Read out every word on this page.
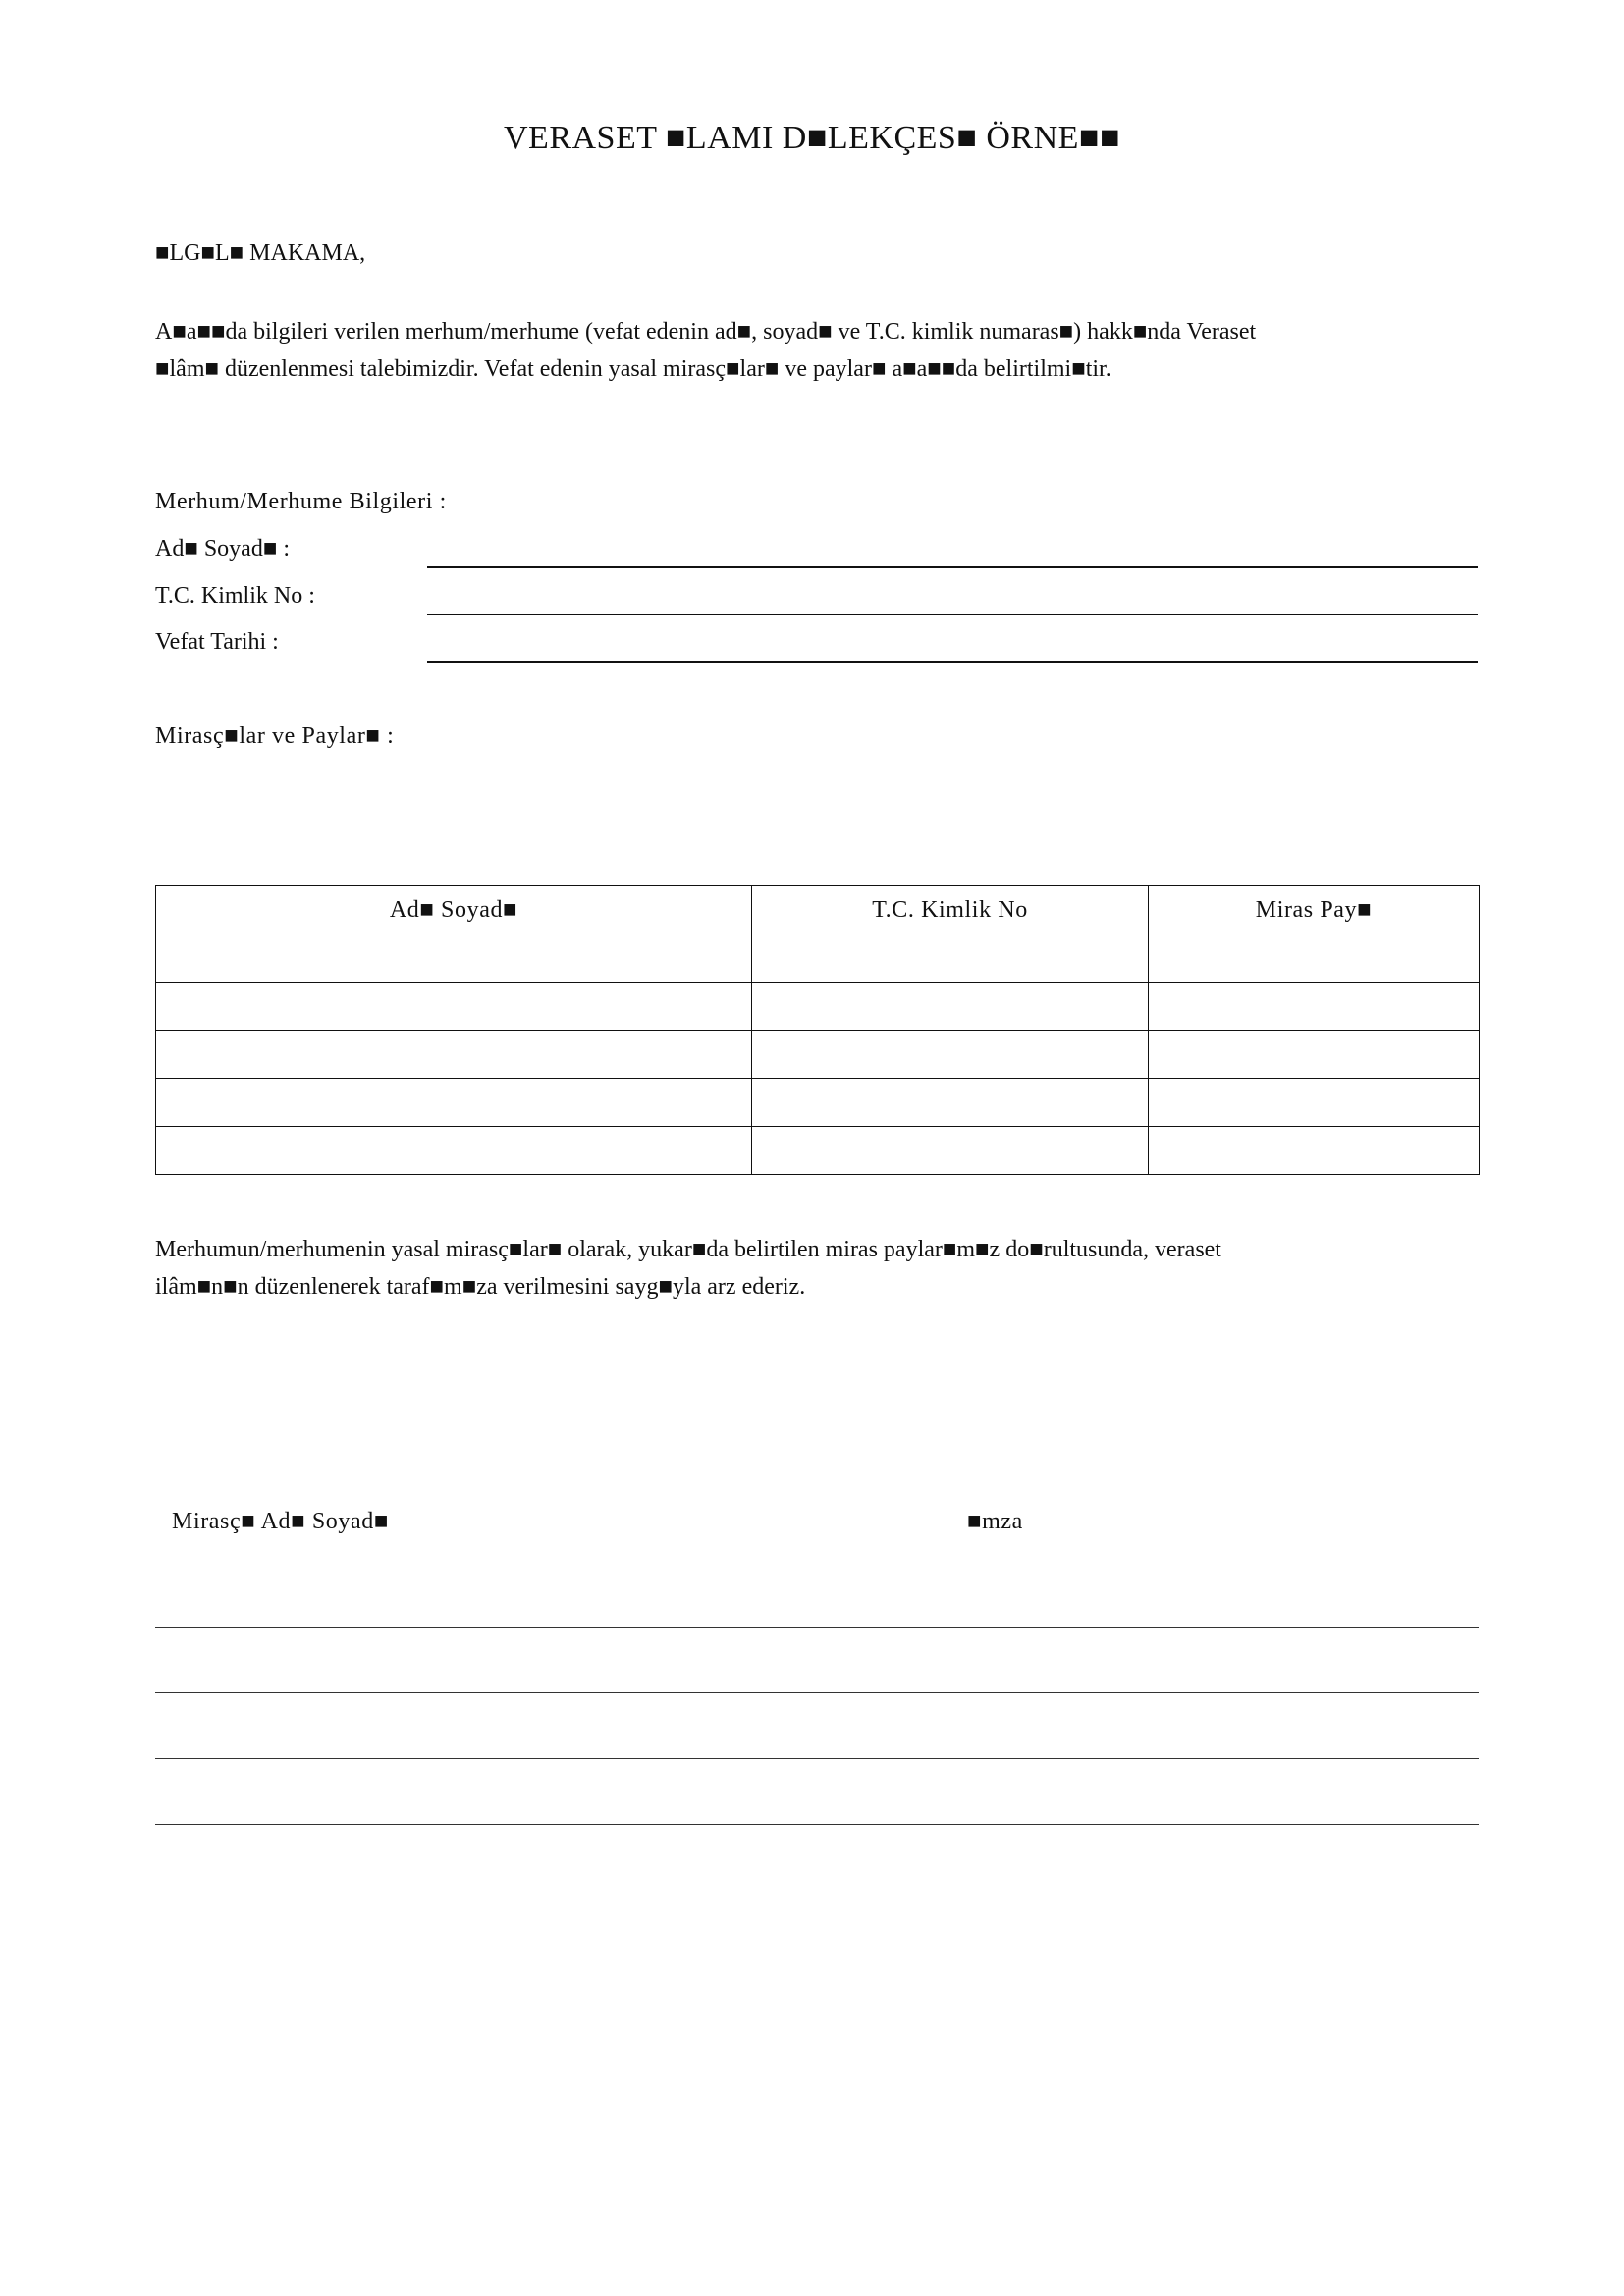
VERASET ■LAMI D■LEKÇES■ ÖRNE■■
■LG■L■ MAKAMA,
A■a■■da bilgileri verilen merhum/merhume (vefat edenin ad■, soyad■ ve T.C. kimlik numaras■) hakk■nda Veraset
■lâm■ düzenlenmesi talebimizdir. Vefat edenin yasal mirasç■lar■ ve paylar■ a■a■■da belirtilmi■tir.
Merhum/Merhume Bilgileri :
Ad■ Soyad■ :
T.C. Kimlik No :
Vefat Tarihi :
Mirasç■lar ve Paylar■ :
Ad■ Soyad■	T.C. Kimlik No	Miras Pay■

Merhumun/merhumenin yasal mirasç■lar■ olarak, yukar■da belirtilen miras paylar■m■z do■rultusunda, veraset
ilâm■n■n düzenlenerek taraf■m■za verilmesini sayg■yla arz ederiz.
Mirasç■ Ad■ Soyad■	■mza
